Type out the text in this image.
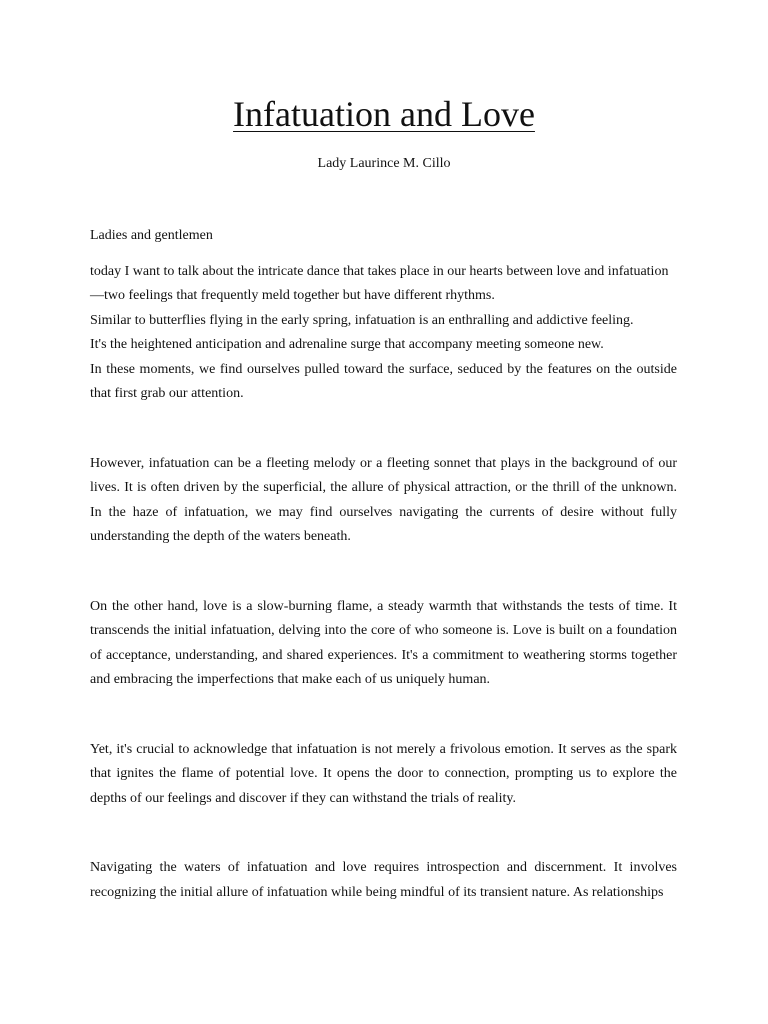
Infatuation and Love

Lady Laurince M. Cillo

Ladies and gentlemen

today I want to talk about the intricate dance that takes place in our hearts between love and infatuation—two feelings that frequently meld together but have different rhythms.

Similar to butterflies flying in the early spring, infatuation is an enthralling and addictive feeling.

It's the heightened anticipation and adrenaline surge that accompany meeting someone new.

In these moments, we find ourselves pulled toward the surface, seduced by the features on the outside that first grab our attention.

However, infatuation can be a fleeting melody or a fleeting sonnet that plays in the background of our lives. It is often driven by the superficial, the allure of physical attraction, or the thrill of the unknown. In the haze of infatuation, we may find ourselves navigating the currents of desire without fully understanding the depth of the waters beneath.

On the other hand, love is a slow-burning flame, a steady warmth that withstands the tests of time. It transcends the initial infatuation, delving into the core of who someone is. Love is built on a foundation of acceptance, understanding, and shared experiences. It's a commitment to weathering storms together and embracing the imperfections that make each of us uniquely human.

Yet, it's crucial to acknowledge that infatuation is not merely a frivolous emotion. It serves as the spark that ignites the flame of potential love. It opens the door to connection, prompting us to explore the depths of our feelings and discover if they can withstand the trials of reality.

Navigating the waters of infatuation and love requires introspection and discernment. It involves recognizing the initial allure of infatuation while being mindful of its transient nature. As relationships
